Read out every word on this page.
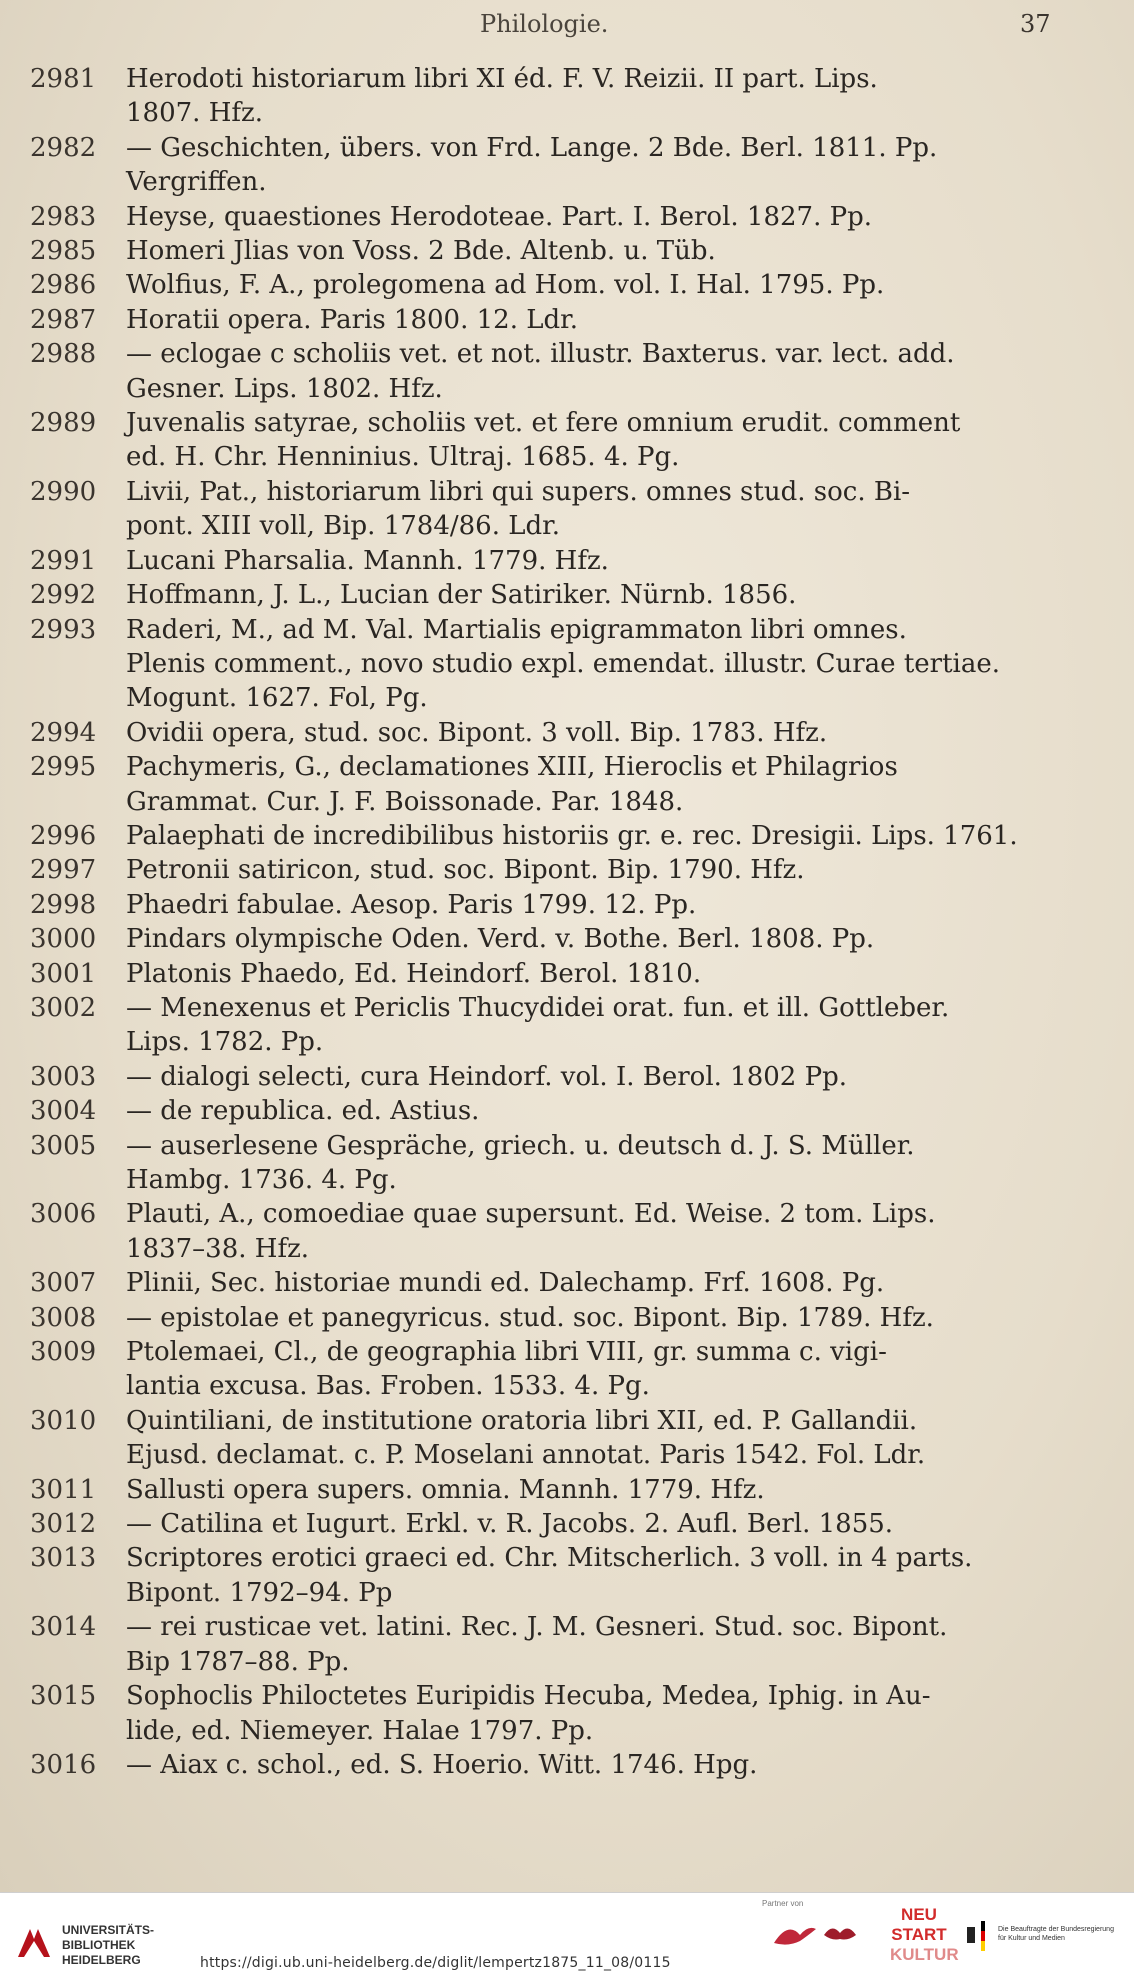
Philologie.	37
2981	Herodoti historiarum libri XI éd. F. V. Reizii. II part. Lips.
1807. Hfz.
2982	— Geschichten, übers. von Frd. Lange. 2 Bde. Berl. 1811. Pp.
Vergriffen.
2983	Heyse, quaestiones Herodoteae. Part. I. Berol. 1827. Pp.
2985	Homeri Jlias von Voss. 2 Bde. Altenb. u. Tüb.
2986	Wolfius, F. A., prolegomena ad Hom. vol. I. Hal. 1795. Pp.
2987	Horatii opera. Paris 1800. 12. Ldr.
2988	— eclogae c scholiis vet. et not. illustr. Baxterus. var. lect. add.
Gesner. Lips. 1802. Hfz.
2989	Juvenalis satyrae, scholiis vet. et fere omnium erudit. comment
ed. H. Chr. Henninius. Ultraj. 1685. 4. Pg.
2990	Livii, Pat., historiarum libri qui supers. omnes stud. soc. Bi-
pont. XIII voll, Bip. 1784/86. Ldr.
2991	Lucani Pharsalia. Mannh. 1779. Hfz.
2992	Hoffmann, J. L., Lucian der Satiriker. Nürnb. 1856.
2993	Raderi, M., ad M. Val. Martialis epigrammaton libri omnes.
Plenis comment., novo studio expl. emendat. illustr. Curae tertiae.
Mogunt. 1627. Fol, Pg.
2994	Ovidii opera, stud. soc. Bipont. 3 voll. Bip. 1783. Hfz.
2995	Pachymeris, G., declamationes XIII, Hieroclis et Philagrios
Grammat. Cur. J. F. Boissonade. Par. 1848.
2996	Palaephati de incredibilibus historiis gr. e. rec. Dresigii. Lips. 1761.
2997	Petronii satiricon, stud. soc. Bipont. Bip. 1790. Hfz.
2998	Phaedri fabulae. Aesop. Paris 1799. 12. Pp.
3000	Pindars olympische Oden. Verd. v. Bothe. Berl. 1808. Pp.
3001	Platonis Phaedo, Ed. Heindorf. Berol. 1810.
3002	— Menexenus et Periclis Thucydidei orat. fun. et ill. Gottleber.
Lips. 1782. Pp.
3003	— dialogi selecti, cura Heindorf. vol. I. Berol. 1802 Pp.
3004	— de republica. ed. Astius.
3005	— auserlesene Gespräche, griech. u. deutsch d. J. S. Müller.
Hambg. 1736. 4. Pg.
3006	Plauti, A., comoediae quae supersunt. Ed. Weise. 2 tom. Lips.
1837–38. Hfz.
3007	Plinii, Sec. historiae mundi ed. Dalechamp. Frf. 1608. Pg.
3008	— epistolae et panegyricus. stud. soc. Bipont. Bip. 1789. Hfz.
3009	Ptolemaei, Cl., de geographia libri VIII, gr. summa c. vigi-
lantia excusa. Bas. Froben. 1533. 4. Pg.
3010	Quintiliani, de institutione oratoria libri XII, ed. P. Gallandii.
Ejusd. declamat. c. P. Moselani annotat. Paris 1542. Fol. Ldr.
3011	Sallusti opera supers. omnia. Mannh. 1779. Hfz.
3012	— Catilina et Iugurt. Erkl. v. R. Jacobs. 2. Aufl. Berl. 1855.
3013	Scriptores erotici graeci ed. Chr. Mitscherlich. 3 voll. in 4 parts.
Bipont. 1792–94. Pp
3014	— rei rusticae vet. latini. Rec. J. M. Gesneri. Stud. soc. Bipont.
Bip 1787–88. Pp.
3015	Sophoclis Philoctetes Euripidis Hecuba, Medea, Iphig. in Au-
lide, ed. Niemeyer. Halae 1797. Pp.
3016	— Aiax c. schol., ed. S. Hoerio. Witt. 1746. Hpg.
UNIVERSITÄTS-
BIBLIOTHEK
HEIDELBERG
Partner von
NEU
START
KULTUR
Die Beauftragte der Bundesregierung für Kultur und Medien
https://digi.ub.uni-heidelberg.de/diglit/lempertz1875_11_08/0115
